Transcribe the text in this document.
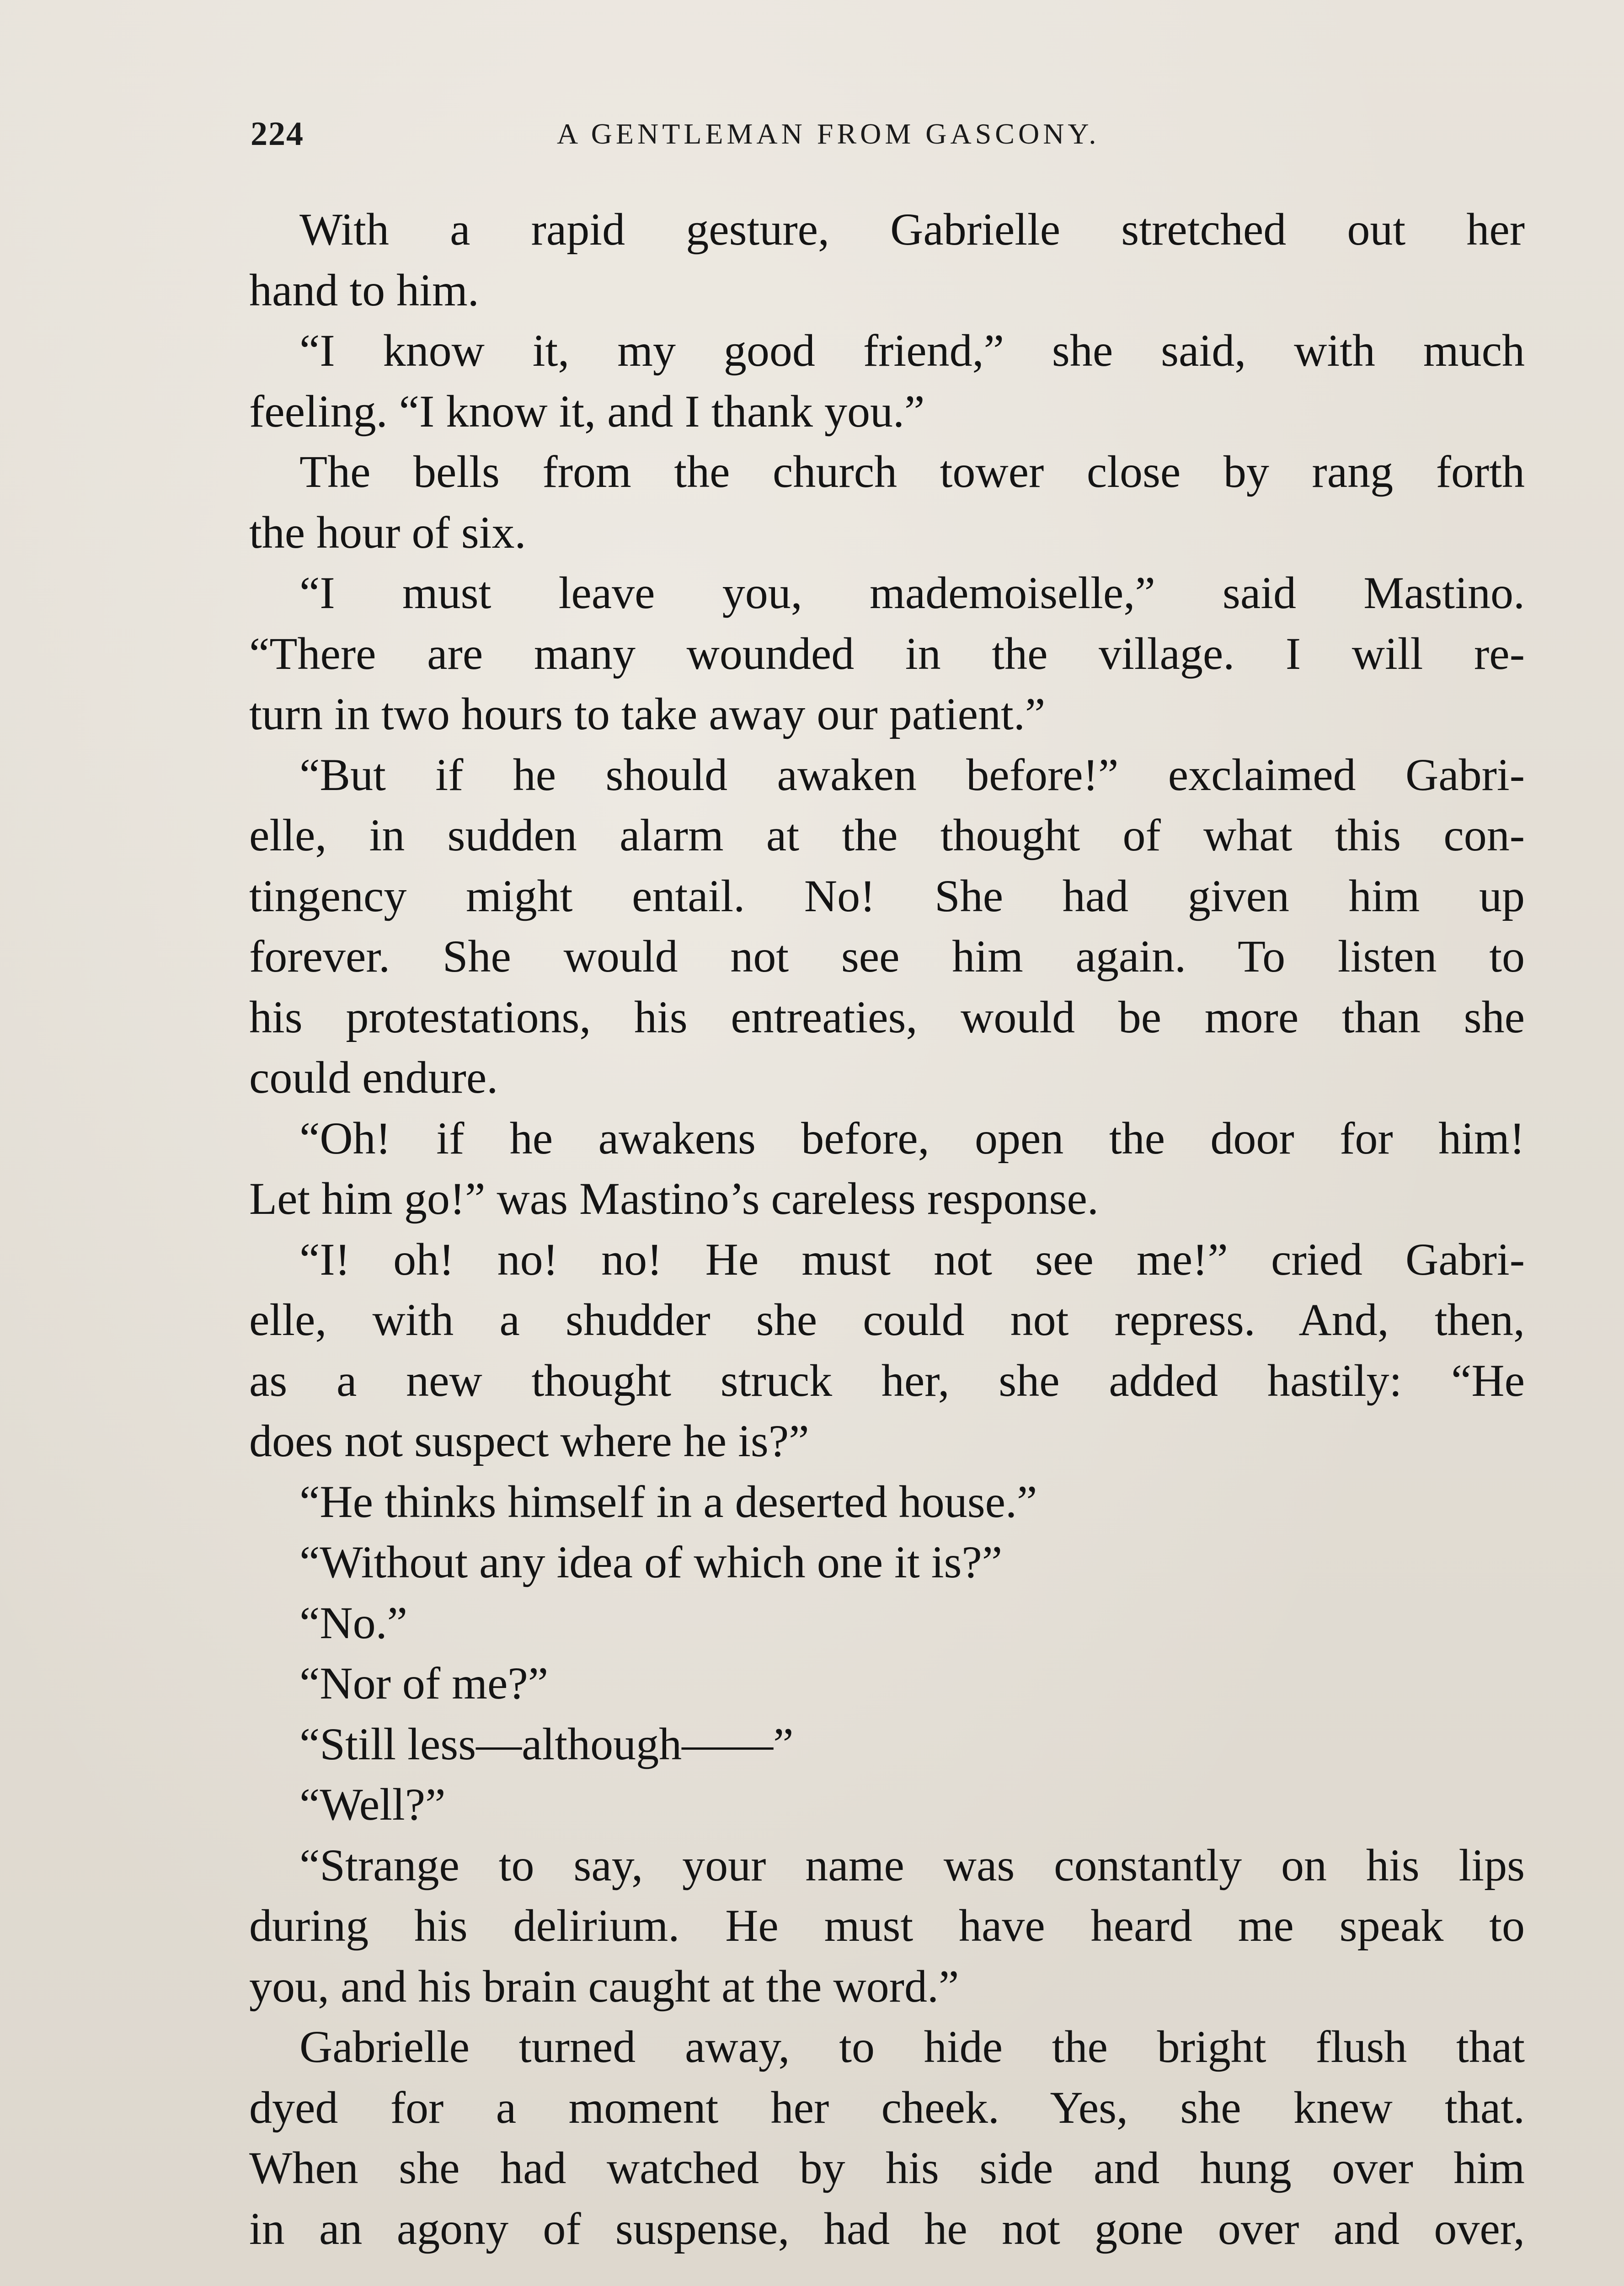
224	A GENTLEMAN FROM GASCONY.
With a rapid gesture, Gabrielle stretched out her
hand to him.
“I know it, my good friend,” she said, with much
feeling. “I know it, and I thank you.”
The bells from the church tower close by rang forth
the hour of six.
“I must leave you, mademoiselle,” said Mastino.
“There are many wounded in the village. I will re-
turn in two hours to take away our patient.”
“But if he should awaken before!” exclaimed Gabri-
elle, in sudden alarm at the thought of what this con-
tingency might entail. No! She had given him up
forever. She would not see him again. To listen to
his protestations, his entreaties, would be more than she
could endure.
“Oh! if he awakens before, open the door for him!
Let him go!” was Mastino’s careless response.
“I! oh! no! no! He must not see me!” cried Gabri-
elle, with a shudder she could not repress. And, then,
as a new thought struck her, she added hastily: “He
does not suspect where he is?”
“He thinks himself in a deserted house.”
“Without any idea of which one it is?”
“No.”
“Nor of me?”
“Still less—although——”
“Well?”
“Strange to say, your name was constantly on his lips
during his delirium. He must have heard me speak to
you, and his brain caught at the word.”
Gabrielle turned away, to hide the bright flush that
dyed for a moment her cheek. Yes, she knew that.
When she had watched by his side and hung over him
in an agony of suspense, had he not gone over and over,
